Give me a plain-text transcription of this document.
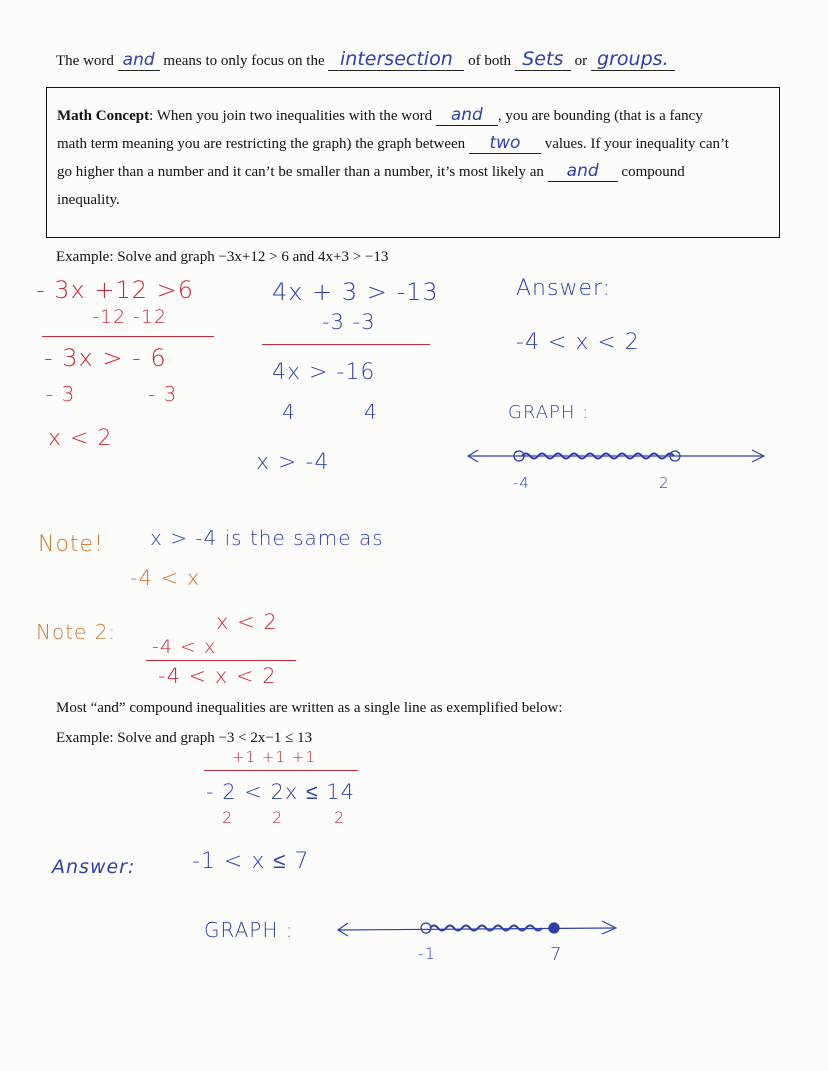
The word and means to only focus on the intersection of both Sets or groups.
Math Concept: When you join two inequalities with the word and , you are bounding (that is a fancy
math term meaning you are restricting the graph) the graph between two values. If your inequality can’t
go higher than a number and it can’t be smaller than a number, it’s most likely an and compound
inequality.
Example: Solve and graph −3x+12 > 6 and 4x+3 > −13
- 3x +12 >6
-12 -12
- 3x > - 6
- 3	- 3
x < 2
4x + 3 > -13
-3 -3
4x > -16
4	4
x > -4
Answer:
-4 < x < 2
GRAPH :
-4	2
Note! x > -4 is the same as
-4 < x
Note 2:	x < 2
-4 < x
-4 < x < 2
Most “and” compound inequalities are written as a single line as exemplified below:
Example: Solve and graph −3 < 2x−1 ≤ 13
+1 +1 +1
- 2 < 2x ≤ 14
2 2	2
Answer:	-1 < x ≤ 7
GRAPH :
-1	7
